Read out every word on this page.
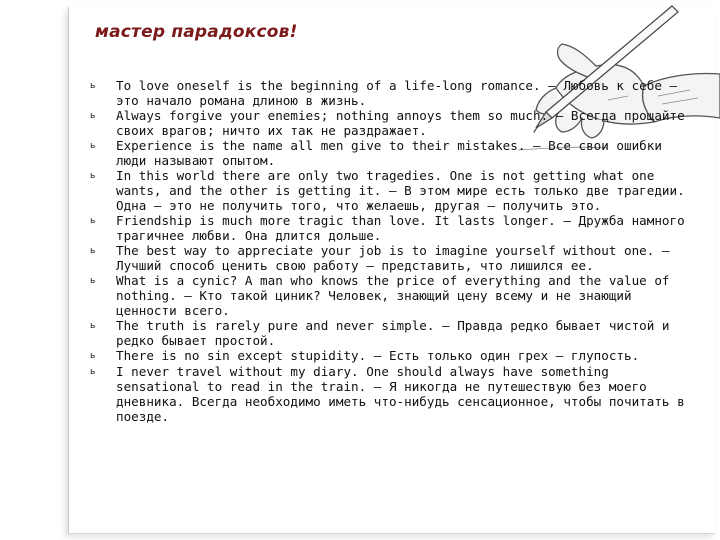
мастер парадоксов!
ь	To love oneself is the beginning of a life-long romance. – Любовь к себе – это начало романа длиною в жизнь.

ь	Always forgive your enemies; nothing annoys them so much. – Всегда прощайте своих врагов; ничто их так не раздражает.

ь	Experience is the name all men give to their mistakes. – Все свои ошибки люди называют опытом.

ь	In this world there are only two tragedies. One is not getting what one wants, and the other is getting it. – В этом мире есть только две трагедии. Одна – это не получить того, что желаешь, другая – получить это.

ь	Friendship is much more tragic than love. It lasts longer. – Дружба намного трагичнее любви. Она длится дольше.

ь	The best way to appreciate your job is to imagine yourself without one. – Лучший способ ценить свою работу – представить, что лишился ее.

ь	What is a cynic? A man who knows the price of everything and the value of nothing. – Кто такой циник? Человек, знающий цену всему и не знающий ценности всего.

ь	The truth is rarely pure and never simple. – Правда редко бывает чистой и редко бывает простой.

ь	There is no sin except stupidity. – Есть только один грех – глупость.

ь	I never travel without my diary. One should always have something sensational to read in the train. – Я никогда не путешествую без моего дневника. Всегда необходимо иметь что-нибудь сенсационное, чтобы почитать в поезде.
